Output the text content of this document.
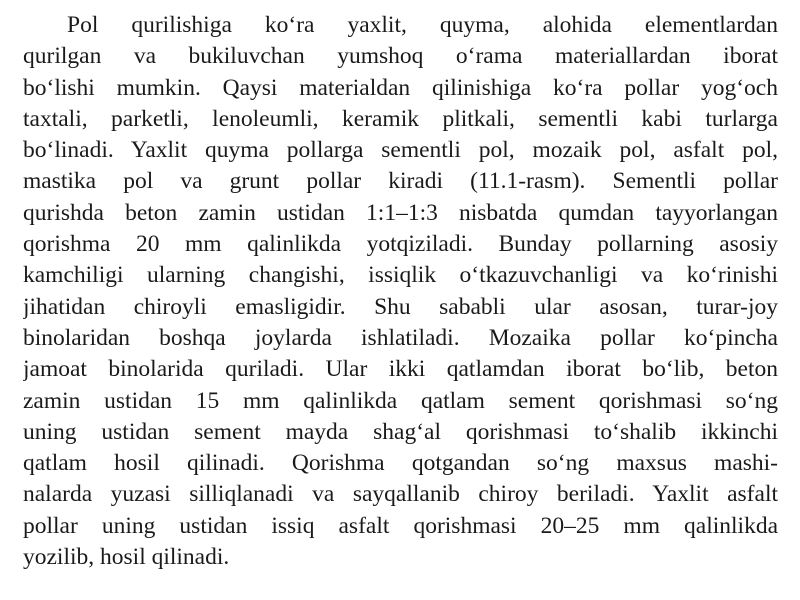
Pol qurilishiga ko‘ra yaxlit, quyma, alohida elementlardan
qurilgan va bukiluvchan yumshoq o‘rama materiallardan iborat
bo‘lishi mumkin. Qaysi materialdan qilinishiga ko‘ra pollar yog‘och
taxtali, parketli, lenoleumli, keramik plitkali, sementli kabi turlarga
bo‘linadi. Yaxlit quyma pollarga sementli pol, mozaik pol, asfalt pol,
mastika pol va grunt pollar kiradi (11.1-rasm). Sementli pollar
qurishda beton zamin ustidan 1:1–1:3 nisbatda qumdan tayyorlangan
qorishma 20 mm qalinlikda yotqiziladi. Bunday pollarning asosiy
kamchiligi ularning changishi, issiqlik o‘tkazuvchanligi va ko‘rinishi
jihatidan chiroyli emasligidir. Shu sababli ular asosan, turar-joy
binolaridan boshqa joylarda ishlatiladi. Mozaika pollar ko‘pincha
jamoat binolarida quriladi. Ular ikki qatlamdan iborat bo‘lib, beton
zamin ustidan 15 mm qalinlikda qatlam sement qorishmasi so‘ng
uning ustidan sement mayda shag‘al qorishmasi to‘shalib ikkinchi
qatlam hosil qilinadi. Qorishma qotgandan so‘ng maxsus mashi-
nalarda yuzasi silliqlanadi va sayqallanib chiroy beriladi. Yaxlit asfalt
pollar uning ustidan issiq asfalt qorishmasi 20–25 mm qalinlikda
yozilib, hosil qilinadi.
